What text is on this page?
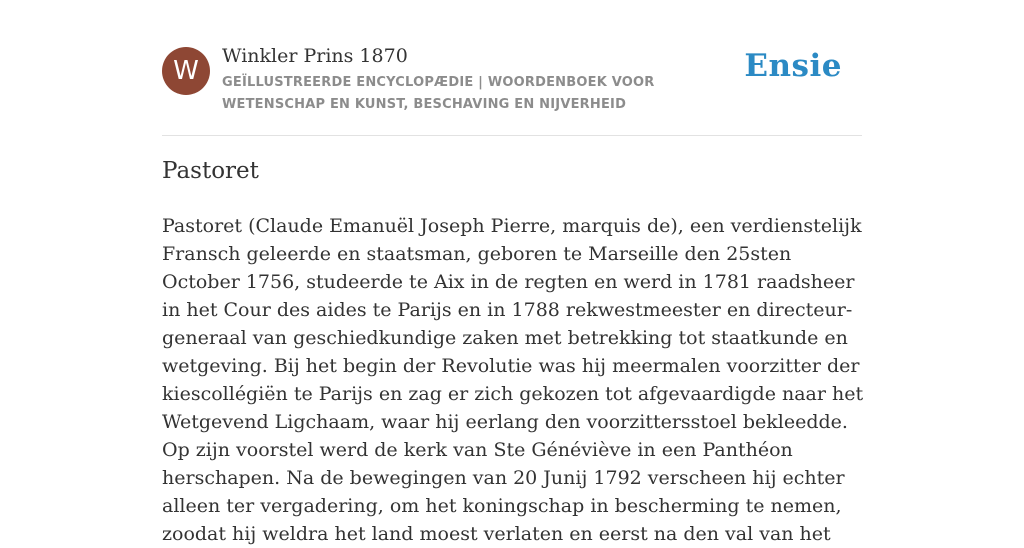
W	Winkler Prins 1870
GEÏLLUSTREERDE ENCYCLOPÆDIE | WOORDENBOEK VOOR WETENSCHAP EN KUNST, BESCHAVING EN NIJVERHEID
Ensie
Pastoret

Pastoret (Claude Emanuël Joseph Pierre, marquis de), een verdienstelijk Fransch geleerde en staatsman, geboren te Marseille den 25sten October 1756, studeerde te Aix in de regten en werd in 1781 raadsheer in het Cour des aides te Parijs en in 1788 rekwestmeester en directeur-generaal van geschiedkundige zaken met betrekking tot staatkunde en wetgeving. Bij het begin der Revolutie was hij meermalen voorzitter der kiescollégiën te Parijs en zag er zich gekozen tot afgevaardigde naar het Wetgevend Ligchaam, waar hij eerlang den voorzittersstoel bekleedde. Op zijn voorstel werd de kerk van Ste Généviève in een Panthéon herschapen. Na de bewegingen van 20 Junij 1792 verscheen hij echter alleen ter vergadering, om het koningschap in bescherming te nemen, zoodat hij weldra het land moest verlaten en eerst na den val van het
